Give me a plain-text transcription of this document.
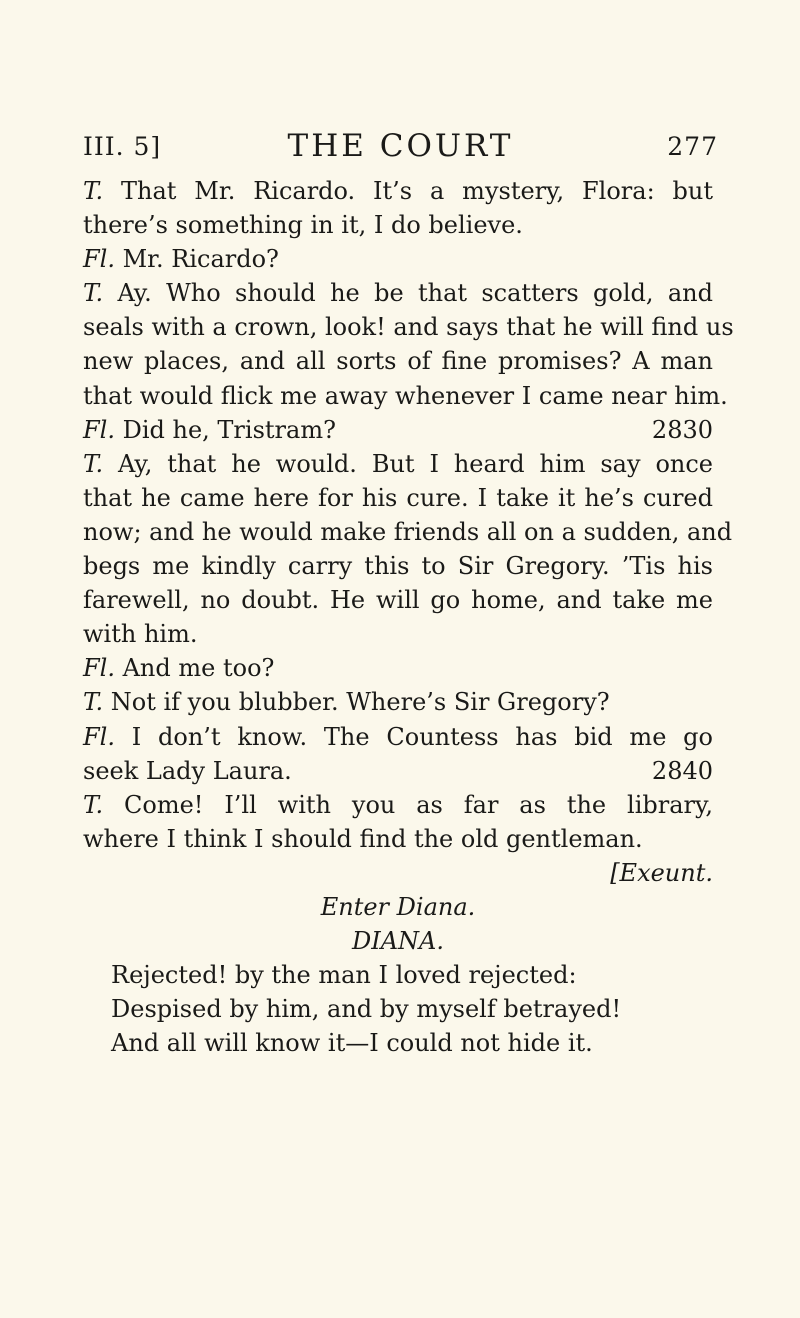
III. 5]	THE COURT	277
T. That Mr. Ricardo. It’s a mystery, Flora: but
there’s something in it, I do believe.
Fl. Mr. Ricardo?
T. Ay. Who should he be that scatters gold, and
seals with a crown, look! and says that he will find us
new places, and all sorts of fine promises? A man
that would flick me away whenever I came near him.
Fl. Did he, Tristram?	2830
T. Ay, that he would. But I heard him say once
that he came here for his cure. I take it he’s cured
now; and he would make friends all on a sudden, and
begs me kindly carry this to Sir Gregory. ’Tis his
farewell, no doubt. He will go home, and take me
with him.
Fl. And me too?
T. Not if you blubber. Where’s Sir Gregory?
Fl. I don’t know. The Countess has bid me go
seek Lady Laura.	2840
T. Come! I’ll with you as far as the library,
where I think I should find the old gentleman.
[Exeunt.
Enter Diana.
DIANA.
Rejected! by the man I loved rejected:
Despised by him, and by myself betrayed!
And all will know it—I could not hide it.
